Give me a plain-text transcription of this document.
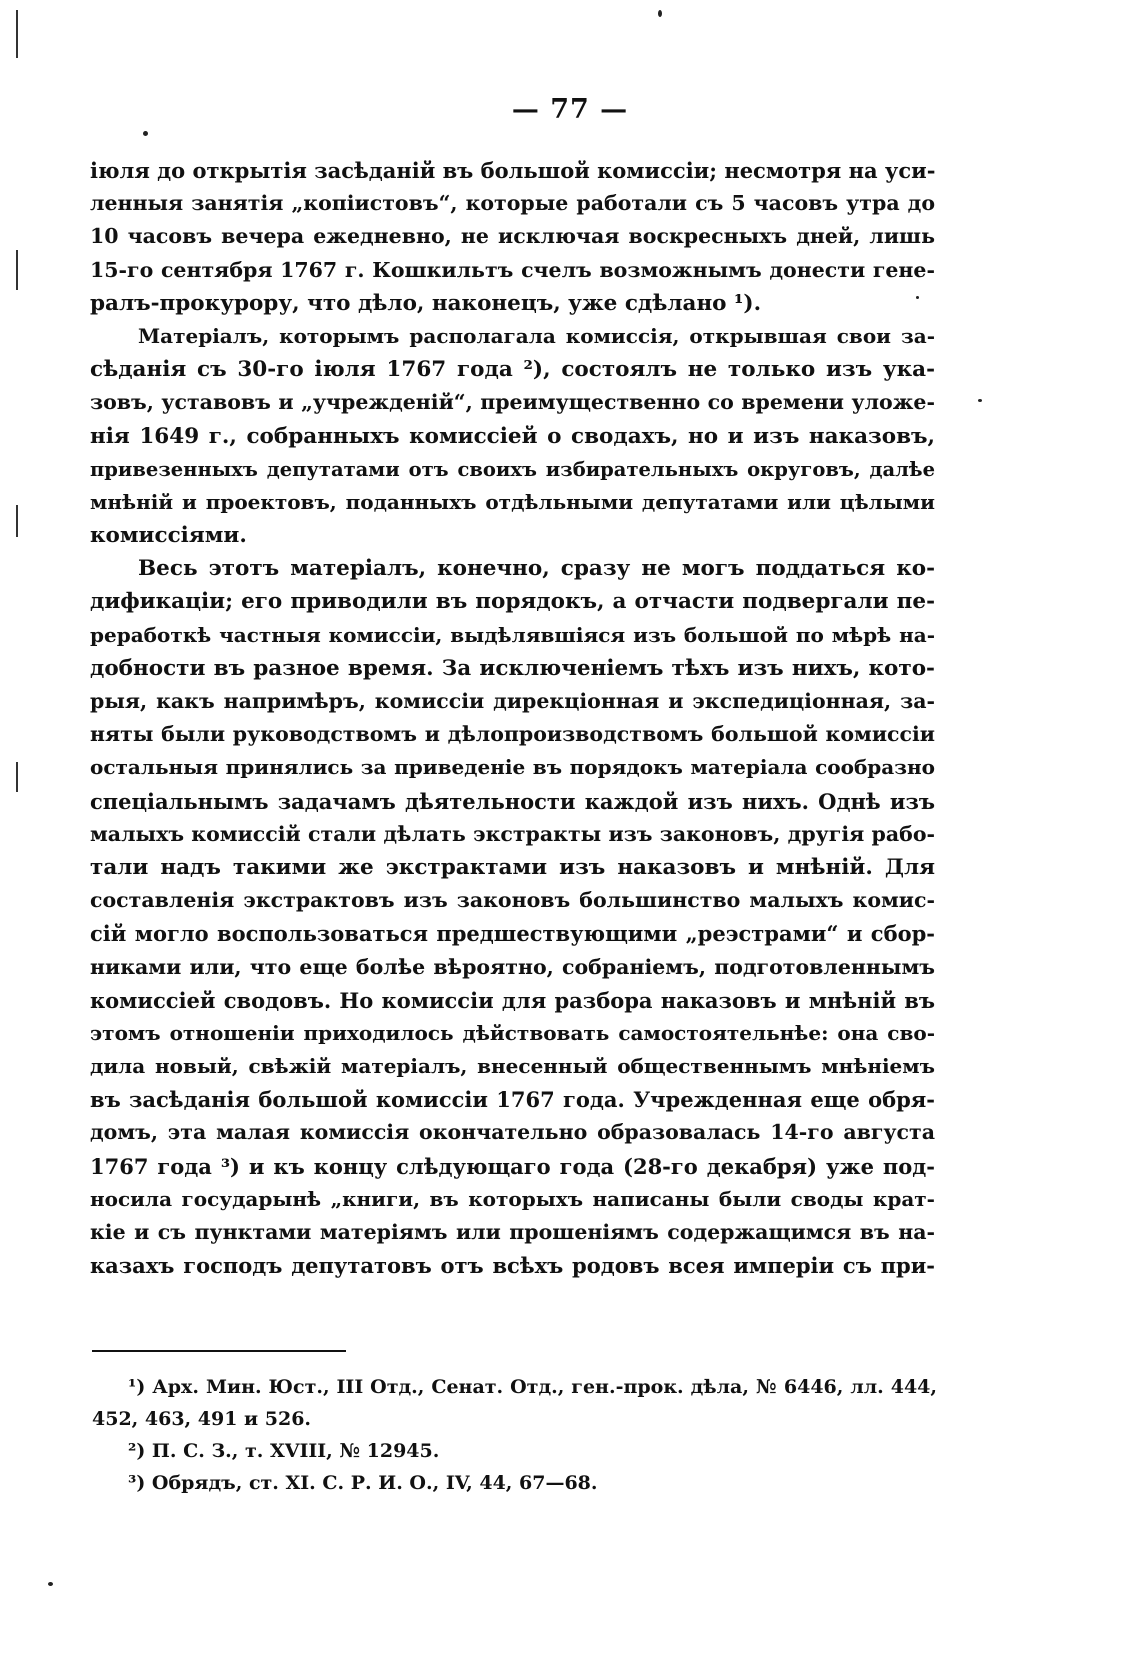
— 77 —
іюля до открытія засѣданій въ большой комиссіи; несмотря на уси-
ленныя занятія „копіистовъ“, которые работали съ 5 часовъ утра до
10 часовъ вечера ежедневно, не исключая воскресныхъ дней, лишь
15-го сентября 1767 г. Кошкильтъ счелъ возможнымъ донести гене-
ралъ-прокурору, что дѣло, наконецъ, уже сдѣлано ¹).
Матеріалъ, которымъ располагала комиссія, открывшая свои за-
сѣданія съ 30-го іюля 1767 года ²), состоялъ не только изъ ука-
зовъ, уставовъ и „учрежденій“, преимущественно со времени уложе-
нія 1649 г., собранныхъ комиссіей о сводахъ, но и изъ наказовъ,
привезенныхъ депутатами отъ своихъ избирательныхъ округовъ, далѣе
мнѣній и проектовъ, поданныхъ отдѣльными депутатами или цѣлыми
комиссіями.
Весь этотъ матеріалъ, конечно, сразу не могъ поддаться ко-
дификаціи; его приводили въ порядокъ, а отчасти подвергали пе-
реработкѣ частныя комиссіи, выдѣлявшіяся изъ большой по мѣрѣ на-
добности въ разное время. За исключеніемъ тѣхъ изъ нихъ, кото-
рыя, какъ напримѣръ, комиссіи дирекціонная и экспедиціонная, за-
няты были руководствомъ и дѣлопроизводствомъ большой комиссіи
остальныя принялись за приведеніе въ порядокъ матеріала сообразно
спеціальнымъ задачамъ дѣятельности каждой изъ нихъ. Однѣ изъ
малыхъ комиссій стали дѣлать экстракты изъ законовъ, другія рабо-
тали надъ такими же экстрактами изъ наказовъ и мнѣній. Для
составленія экстрактовъ изъ законовъ большинство малыхъ комис-
сій могло воспользоваться предшествующими „реэстрами“ и сбор-
никами или, что еще болѣе вѣроятно, собраніемъ, подготовленнымъ
комиссіей сводовъ. Но комиссіи для разбора наказовъ и мнѣній въ
этомъ отношеніи приходилось дѣйствовать самостоятельнѣе: она сво-
дила новый, свѣжій матеріалъ, внесенный общественнымъ мнѣніемъ
въ засѣданія большой комиссіи 1767 года. Учрежденная еще обря-
домъ, эта малая комиссія окончательно образовалась 14-го августа
1767 года ³) и къ концу слѣдующаго года (28-го декабря) уже под-
носила государынѣ „книги, въ которыхъ написаны были своды крат-
кіе и съ пунктами матеріямъ или прошеніямъ содержащимся въ на-
казахъ господъ депутатовъ отъ всѣхъ родовъ всея имперіи съ при-
¹) Арх. Мин. Юст., III Отд., Сенат. Отд., ген.-прок. дѣла, № 6446, лл. 444,
452, 463, 491 и 526.
²) П. С. З., т. XVIII, № 12945.
³) Обрядъ, ст. XI. С. Р. И. О., IV, 44, 67—68.
